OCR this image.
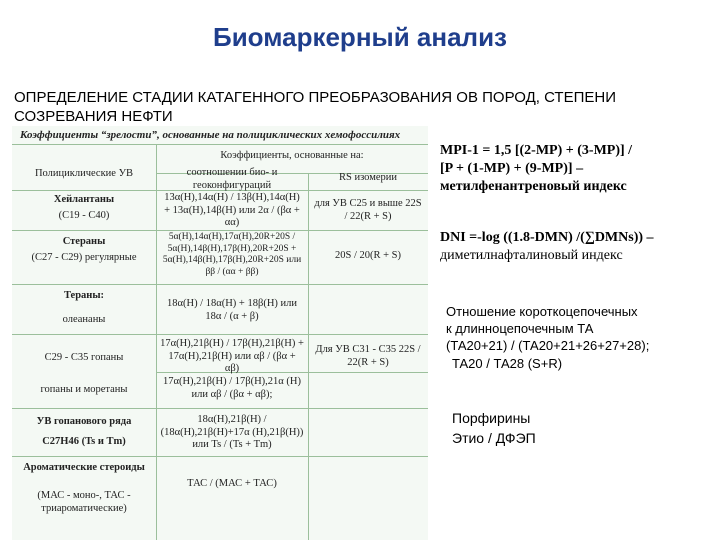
Биомаркерный анализ
ОПРЕДЕЛЕНИЕ СТАДИИ КАТАГЕННОГО ПРЕОБРАЗОВАНИЯ ОВ ПОРОД, СТЕПЕНИ СОЗРЕВАНИЯ НЕФТИ
Коэффициенты “зрелости”, основанные на полициклических хемофоссилиях
Коэффициенты, основанные на:
Полициклические УВ	соотношении био- и геоконфигураций
RS изомерии
Хейлантаны
(C19 - C40)
13α(H),14α(H) / 13β(H),14α(H) + 13α(H),14β(H) или 2α / (βα + αα)
для УВ C25 и выше 22S / 22(R + S)
Стераны
(C27 - C29) регулярные
5α(H),14α(H),17α(H),20R+20S / 5α(H),14β(H),17β(H),20R+20S + 5α(H),14β(H),17β(H),20R+20S или ββ / (αα + ββ)
20S / 20(R + S)
Тераны:
олеананы
18α(H) / 18α(H) + 18β(H) или 18α / (α + β)
C29 - C35 гопаны
17α(H),21β(H) / 17β(H),21β(H) + 17α(H),21β(H) или αβ / (βα + αβ)
Для УВ C31 - C35 22S / 22(R + S)
гопаны и моретаны
17α(H),21β(H) / 17β(H),21α (H) или αβ / (βα + αβ);
УВ гопанового ряда
C27H46 (Ts и Tm)
18α(H),21β(H) / (18α(H),21β(H)+17α (H),21β(H)) или Ts / (Ts + Tm)
Ароматические стероиды
(МАС - моно-, ТАС - триароматические)
ТАС / (МАС + ТАС)
MPI-1 = 1,5 [(2-MP) + (3-MP)] /
[P + (1-MP) + (9-MP)] –
метилфенантреновый индекс
DNI =-log ((1.8-DMN) /(∑DMNs)) –
диметилнафталиновый индекс
Отношение короткоцепочечных
к длинноцепочечным ТА
(ТА20+21) / (ТА20+21+26+27+28);
ТА20 / ТА28 (S+R)
Порфирины
Этио / ДФЭП
